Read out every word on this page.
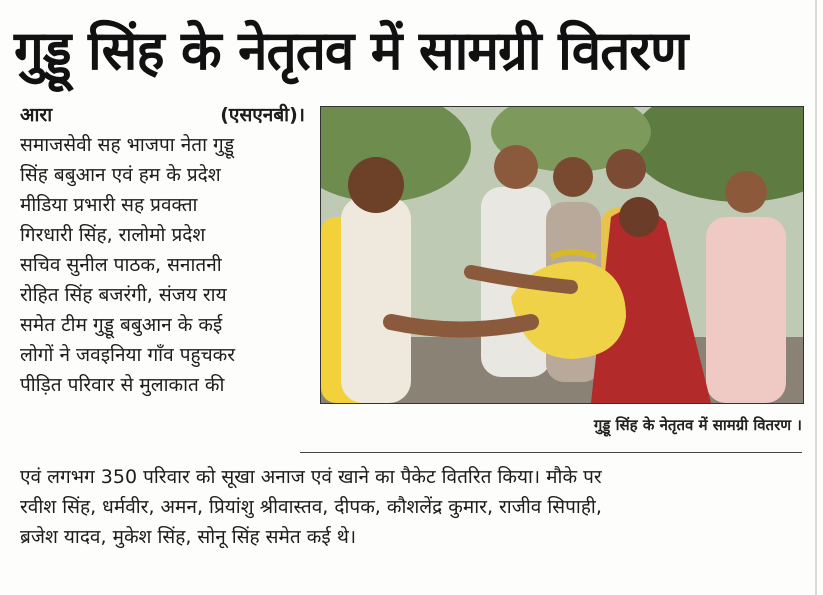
गुड्डू सिंह के नेतृतव में सामग्री वितरण
आरा	(एसएनबी)।
समाजसेवी सह भाजपा नेता गुड्डू
सिंह बबुआन एवं हम के प्रदेश
मीडिया प्रभारी सह प्रवक्ता
गिरधारी सिंह, रालोमो प्रदेश
सचिव सुनील पाठक, सनातनी
रोहित सिंह बजरंगी, संजय राय
समेत टीम गुड्डू बबुआन के कई
लोगों ने जवइनिया गाँव पहुचकर
पीड़ित परिवार से मुलाकात की
गुड्डू सिंह के नेतृतव में सामग्री वितरण ।
एवं लगभग 350 परिवार को सूखा अनाज एवं खाने का पैकेट वितरित किया। मौके पर
रवीश सिंह, धर्मवीर, अमन, प्रियांशु श्रीवास्तव, दीपक, कौशलेंद्र कुमार, राजीव सिपाही,
ब्रजेश यादव, मुकेश सिंह, सोनू सिंह समेत कई थे।
